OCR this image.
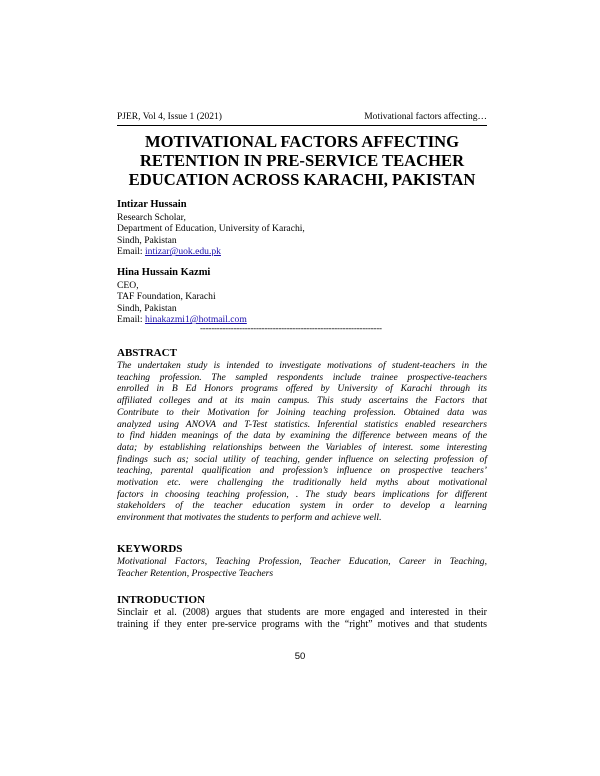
PJER, Vol 4, Issue 1 (2021)	Motivational factors affecting…
MOTIVATIONAL FACTORS AFFECTING
RETENTION IN PRE-SERVICE TEACHER
EDUCATION ACROSS KARACHI, PAKISTAN
Intizar Hussain
Research Scholar,
Department of Education, University of Karachi,
Sindh, Pakistan
Email: intizar@uok.edu.pk
Hina Hussain Kazmi
CEO,
TAF Foundation, Karachi
Sindh, Pakistan
Email: hinakazmi1@hotmail.com
-----------------------------------------------------------------
ABSTRACT
The undertaken study is intended to investigate motivations of student-teachers in the
teaching profession. The sampled respondents include trainee prospective-teachers
enrolled in B Ed Honors programs offered by University of Karachi through its
affiliated colleges and at its main campus. This study ascertains the Factors that
Contribute to their Motivation for Joining teaching profession. Obtained data was
analyzed using ANOVA and T-Test statistics. Inferential statistics enabled researchers
to find hidden meanings of the data by examining the difference between means of the
data; by establishing relationships between the Variables of interest. some interesting
findings such as; social utility of teaching, gender influence on selecting profession of
teaching, parental qualification and profession’s influence on prospective teachers’
motivation etc. were challenging the traditionally held myths about motivational
factors in choosing teaching profession, . The study bears implications for different
stakeholders of the teacher education system in order to develop a learning
environment that motivates the students to perform and achieve well.
KEYWORDS
Motivational Factors, Teaching Profession, Teacher Education, Career in Teaching,
Teacher Retention, Prospective Teachers
INTRODUCTION
Sinclair et al. (2008) argues that students are more engaged and interested in their
training if they enter pre-service programs with the “right” motives and that students
50
